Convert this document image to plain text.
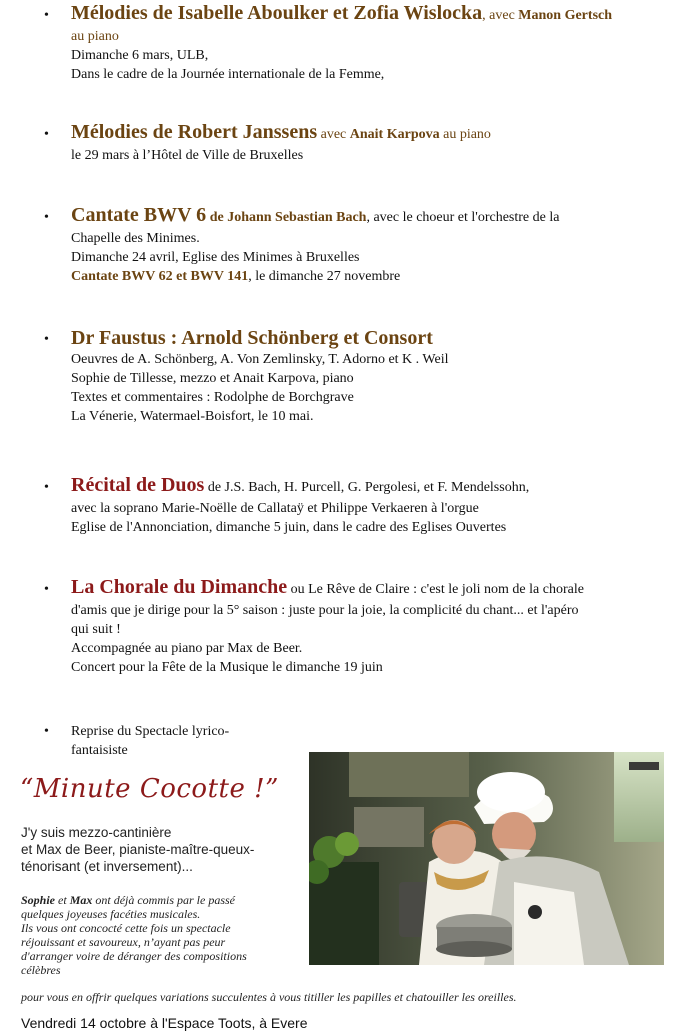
• Mélodies de Isabelle Aboulker et Zofia Wislocka, avec Manon Gertsch
au piano
Dimanche 6 mars, ULB,
Dans le cadre de la Journée internationale de la Femme,
• Mélodies de Robert Janssens avec Anait Karpova au piano
le 29 mars à l’Hôtel de Ville de Bruxelles
• Cantate BWV 6 de Johann Sebastian Bach, avec le choeur et l'orchestre de la
Chapelle des Minimes.
Dimanche 24 avril, Eglise des Minimes à Bruxelles
Cantate BWV 62 et BWV 141, le dimanche 27 novembre
• Dr Faustus : Arnold Schönberg et Consort
Oeuvres de A. Schönberg, A. Von Zemlinsky, T. Adorno et K . Weil
Sophie de Tillesse, mezzo et Anait Karpova, piano
Textes et commentaires : Rodolphe de Borchgrave
La Vénerie, Watermael-Boisfort, le 10 mai.
• Récital de Duos de J.S. Bach, H. Purcell, G. Pergolesi, et F. Mendelssohn,
avec la soprano Marie-Noëlle de Callataÿ et Philippe Verkaeren à l'orgue
Eglise de l'Annonciation, dimanche 5 juin, dans le cadre des Eglises Ouvertes
• La Chorale du Dimanche ou Le Rêve de Claire : c'est le joli nom de la chorale
d'amis que je dirige pour la 5° saison : juste pour la joie, la complicité du chant... et l'apéro
qui suit !
Accompagnée au piano par Max de Beer.
Concert pour la Fête de la Musique le dimanche 19 juin
• Reprise du Spectacle lyrico-
fantaisiste
“Minute Cocotte !”
J'y suis mezzo-cantinière
et Max de Beer, pianiste-maître-queux-
ténorisant (et inversement)...
Sophie et Max ont déjà commis par le passé
quelques joyeuses facéties musicales.
Ils vous ont concocté cette fois un spectacle
réjouissant et savoureux, n’ayant pas peur
d'arranger voire de déranger des compositions
célèbres
pour vous en offrir quelques variations succulentes à vous titiller les papilles et chatouiller les oreilles.
Vendredi 14 octobre à l'Espace Toots, à Evere
